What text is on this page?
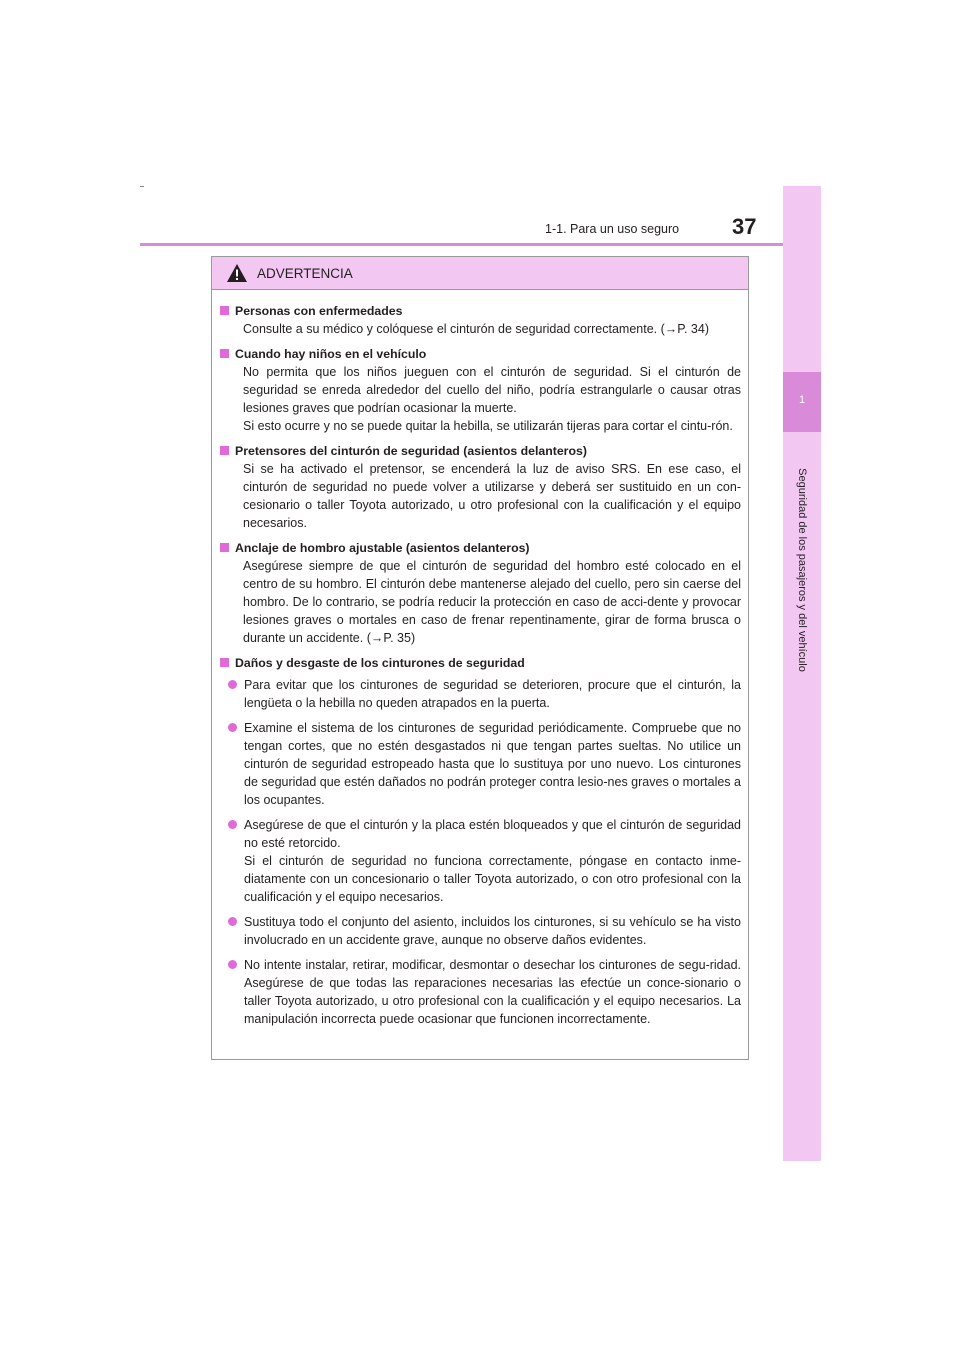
1-1. Para un uso seguro 37
1
Seguridad de los pasajeros y del vehículo
ADVERTENCIA
Personas con enfermedades
Consulte a su médico y colóquese el cinturón de seguridad correctamente. (→P. 34)
Cuando hay niños en el vehículo
No permita que los niños jueguen con el cinturón de seguridad. Si el cinturón de seguridad se enreda alrededor del cuello del niño, podría estrangularle o causar otras lesiones graves que podrían ocasionar la muerte.
Si esto ocurre y no se puede quitar la hebilla, se utilizarán tijeras para cortar el cintu-rón.
Pretensores del cinturón de seguridad (asientos delanteros)
Si se ha activado el pretensor, se encenderá la luz de aviso SRS. En ese caso, el cinturón de seguridad no puede volver a utilizarse y deberá ser sustituido en un con-cesionario o taller Toyota autorizado, u otro profesional con la cualificación y el equipo necesarios.
Anclaje de hombro ajustable (asientos delanteros)
Asegúrese siempre de que el cinturón de seguridad del hombro esté colocado en el centro de su hombro. El cinturón debe mantenerse alejado del cuello, pero sin caerse del hombro. De lo contrario, se podría reducir la protección en caso de acci-dente y provocar lesiones graves o mortales en caso de frenar repentinamente, girar de forma brusca o durante un accidente. (→P. 35)
Daños y desgaste de los cinturones de seguridad
Para evitar que los cinturones de seguridad se deterioren, procure que el cinturón, la lengüeta o la hebilla no queden atrapados en la puerta.
Examine el sistema de los cinturones de seguridad periódicamente. Compruebe que no tengan cortes, que no estén desgastados ni que tengan partes sueltas. No utilice un cinturón de seguridad estropeado hasta que lo sustituya por uno nuevo. Los cinturones de seguridad que estén dañados no podrán proteger contra lesio-nes graves o mortales a los ocupantes.
Asegúrese de que el cinturón y la placa estén bloqueados y que el cinturón de seguridad no esté retorcido.
Si el cinturón de seguridad no funciona correctamente, póngase en contacto inme-diatamente con un concesionario o taller Toyota autorizado, o con otro profesional con la cualificación y el equipo necesarios.
Sustituya todo el conjunto del asiento, incluidos los cinturones, si su vehículo se ha visto involucrado en un accidente grave, aunque no observe daños evidentes.
No intente instalar, retirar, modificar, desmontar o desechar los cinturones de segu-ridad. Asegúrese de que todas las reparaciones necesarias las efectúe un conce-sionario o taller Toyota autorizado, u otro profesional con la cualificación y el equipo necesarios. La manipulación incorrecta puede ocasionar que funcionen incorrectamente.
